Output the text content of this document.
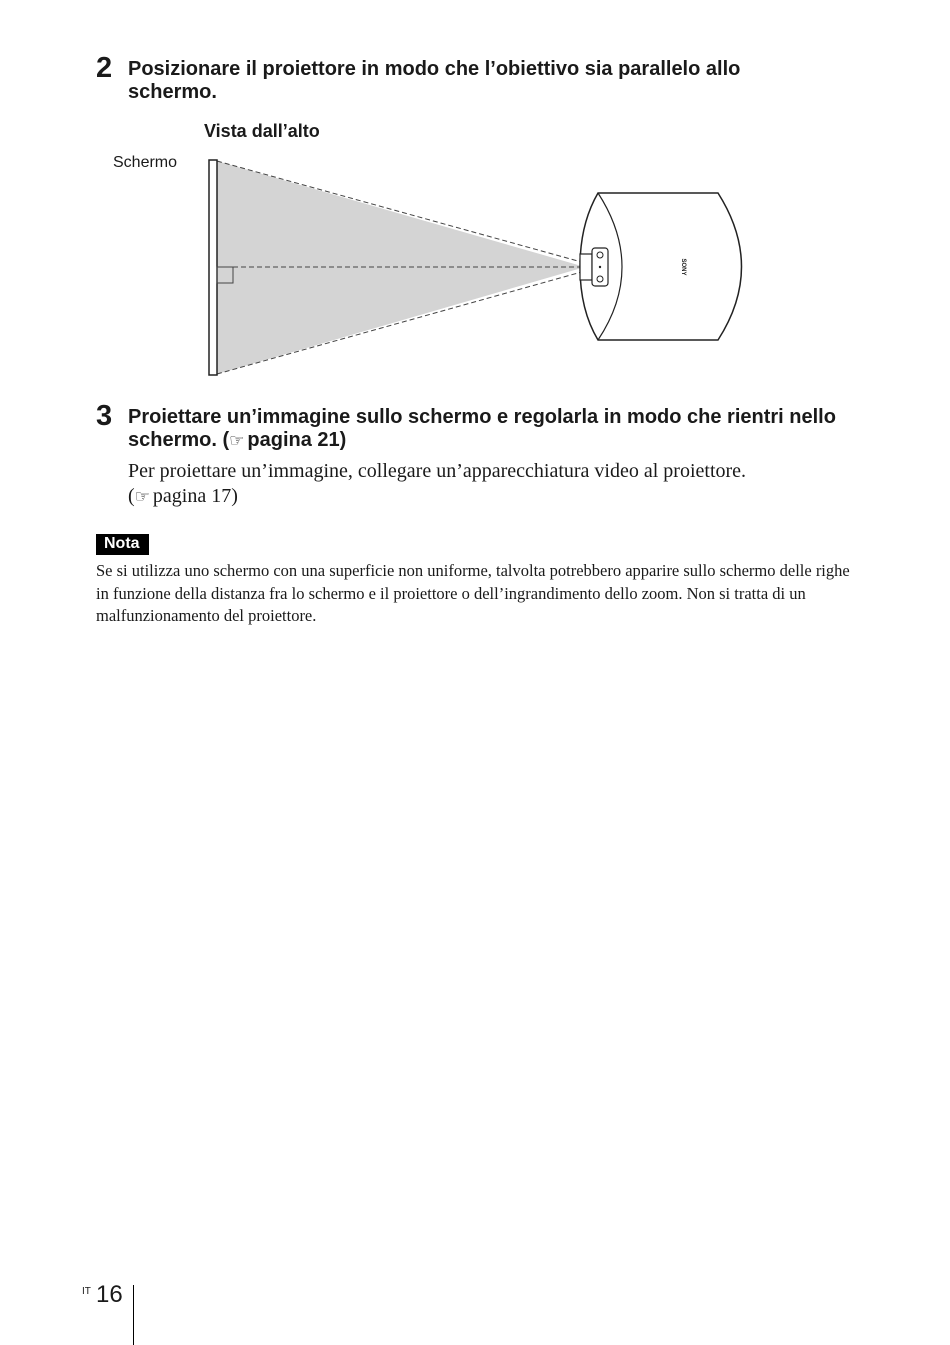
2 Posizionare il proiettore in modo che l’obiettivo sia parallelo allo schermo.
Vista dall’alto
Schermo
SONY
3 Proiettare un’immagine sullo schermo e regolarla in modo che rientri nello schermo. (☞ pagina 21)
Per proiettare un’immagine, collegare un’apparecchiatura video al proiettore.
(☞ pagina 17)
Nota
Se si utilizza uno schermo con una superficie non uniforme, talvolta potrebbero apparire sullo schermo delle righe in funzione della distanza fra lo schermo e il proiettore o dell’ingrandimento dello zoom. Non si tratta di un malfunzionamento del proiettore.
IT 16
